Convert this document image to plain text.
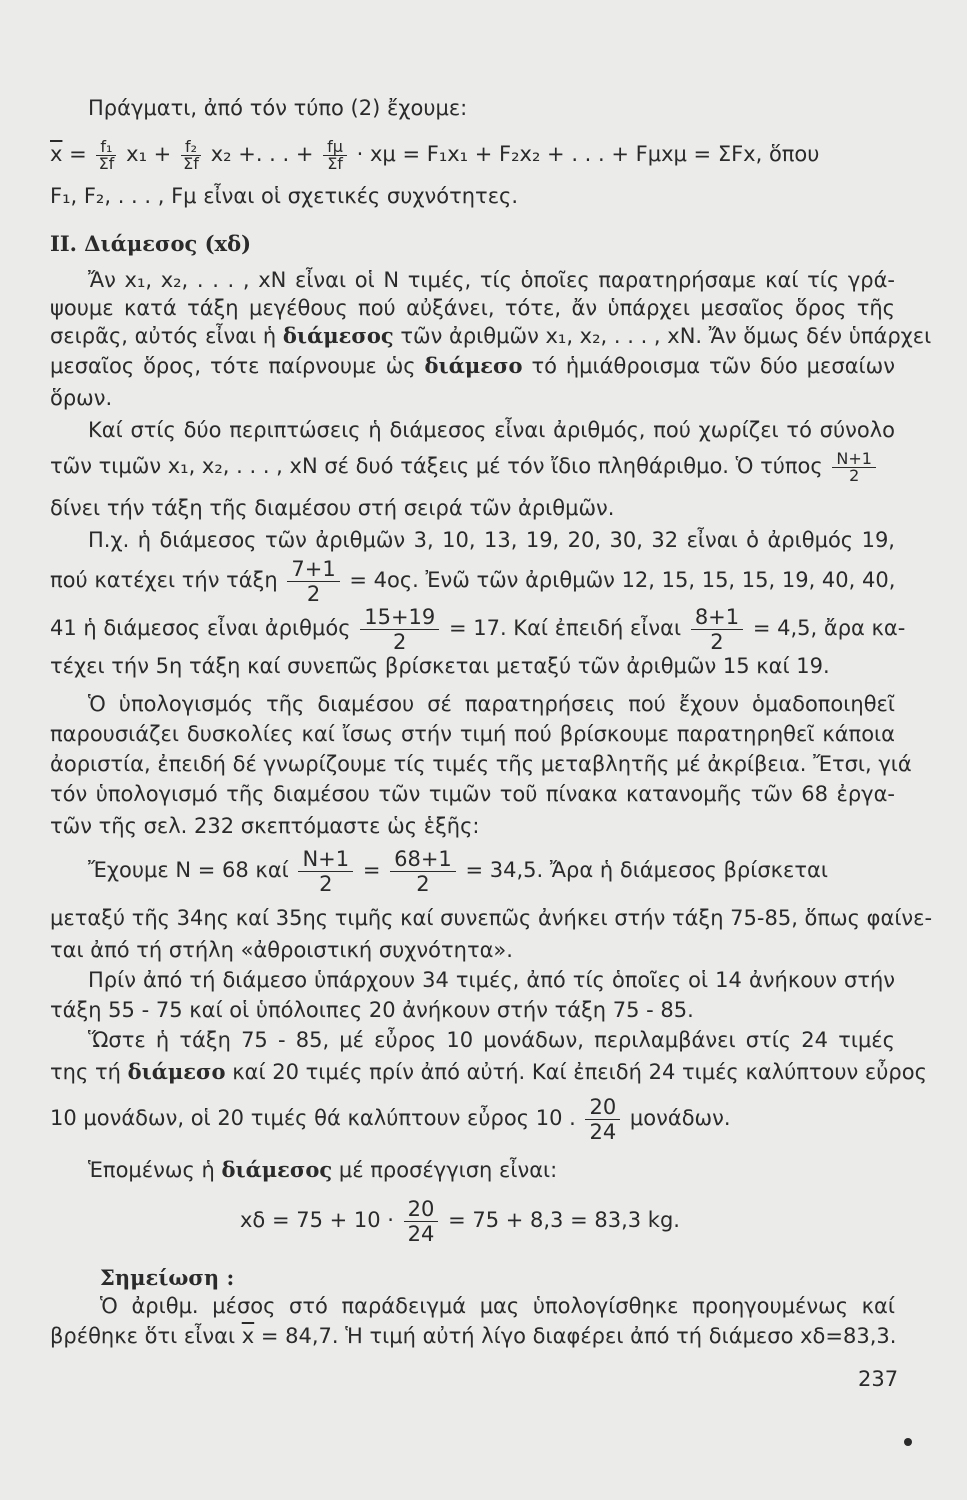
Πράγματι, ἀπό τόν τύπο (2) ἔχουμε:
$\overline{x} = \frac{\text{f₁}}{\Sigma f} x_1 + \frac{\text{f₂}}{\Sigma f} x_2$ +. . . + $\frac{f\mu}{\Sigma f} \cdot x\mu = F_1x_1 + F_2x_2$ + . . . + Fμxμ = ΣFx, ὅπου
F₁, F₂, . . . , Fμ εἶναι οἱ σχετικές συχνότητες.
II. Διάμεσος (xδ)
Ἄν x₁, x₂, . . . , xN εἶναι οἱ N τιμές, τίς ὁποῖες παρατηρήσαμε καί τίς γρά-
ψουμε κατά τάξη μεγέθους πού αὐξάνει, τότε, ἄν ὑπάρχει μεσαῖος ὅρος τῆς
σειρᾶς, αὐτός εἶναι ἡ διάμεσος τῶν ἀριθμῶν x₁, x₂, . . . , xN. Ἄν ὅμως δέν ὑπάρχει
μεσαῖος ὅρος, τότε παίρνουμε ὡς διάμεσο τό ἡμιάθροισμα τῶν δύο μεσαίων
ὅρων.
Καί στίς δύο περιπτώσεις ἡ διάμεσος εἶναι ἀριθμός, πού χωρίζει τό σύνολο
τῶν τιμῶν x₁, x₂, . . . , xN σέ δυό τάξεις μέ τόν ἴδιο πληθάριθμο. Ὁ τύπος $\frac{N+1}{2}$
δίνει τήν τάξη τῆς διαμέσου στή σειρά τῶν ἀριθμῶν.
Π.χ. ἡ διάμεσος τῶν ἀριθμῶν 3, 10, 13, 19, 20, 30, 32 εἶναι ὁ ἀριθμός 19,
πού κατέχει τήν τάξη $\frac{7+1}{2} = 4o\varsigma$. Ἐνῶ τῶν ἀριθμῶν 12, 15, 15, 15, 19, 40, 40,
41 ἡ διάμεσος εἶναι ἀριθμός $\frac{15+19}{2} = 17$. Καί ἐπειδή εἶναι $\frac{8+1}{2} = 4,5$, ἄρα κα-
τέχει τήν 5η τάξη καί συνεπῶς βρίσκεται μεταξύ τῶν ἀριθμῶν 15 καί 19.
Ὁ ὑπολογισμός τῆς διαμέσου σέ παρατηρήσεις πού ἔχουν ὁμαδοποιηθεῖ
παρουσιάζει δυσκολίες καί ἴσως στήν τιμή πού βρίσκουμε παρατηρηθεῖ κάποια
ἀοριστία, ἐπειδή δέ γνωρίζουμε τίς τιμές τῆς μεταβλητῆς μέ ἀκρίβεια. Ἔτσι, γιά
τόν ὑπολογισμό τῆς διαμέσου τῶν τιμῶν τοῦ πίνακα κατανομῆς τῶν 68 ἐργα-
τῶν τῆς σελ. 232 σκεπτόμαστε ὡς ἑξῆς:
Ἔχουμε N = 68 καί $\frac{N+1}{2} = \frac{68+1}{2} = 34,5$. Ἄρα ἡ διάμεσος βρίσκεται
μεταξύ τῆς 34ης καί 35ης τιμῆς καί συνεπῶς ἀνήκει στήν τάξη 75-85, ὅπως φαίνε-
ται ἀπό τή στήλη «ἀθροιστική συχνότητα».
Πρίν ἀπό τή διάμεσο ὑπάρχουν 34 τιμές, ἀπό τίς ὁποῖες οἱ 14 ἀνήκουν στήν
τάξη 55 - 75 καί οἱ ὑπόλοιπες 20 ἀνήκουν στήν τάξη 75 - 85.
Ὥστε ἡ τάξη 75 - 85, μέ εὖρος 10 μονάδων, περιλαμβάνει στίς 24 τιμές
της τή διάμεσο καί 20 τιμές πρίν ἀπό αὐτή. Καί ἐπειδή 24 τιμές καλύπτουν εὖρος
10 μονάδων, οἱ 20 τιμές θά καλύπτουν εὖρος 10 . $\frac{20}{24} \mu o\nu ά\delta\omega\nu$.
Ἑπομένως ἡ διάμεσος μέ προσέγγιση εἶναι:
$x\delta = 75 + 10 \cdot \frac{20}{24} = 75 + 8,3 = 83,3$ kg.
Σημείωση :
Ὁ ἀριθμ. μέσος στό παράδειγμά μας ὑπολογίσθηκε προηγουμένως καί
βρέθηκε ὅτι εἶναι $\overline{x} = 84,7$. Ἡ τιμή αὐτή λίγο διαφέρει ἀπό τή διάμεσο xδ=83,3.
237
